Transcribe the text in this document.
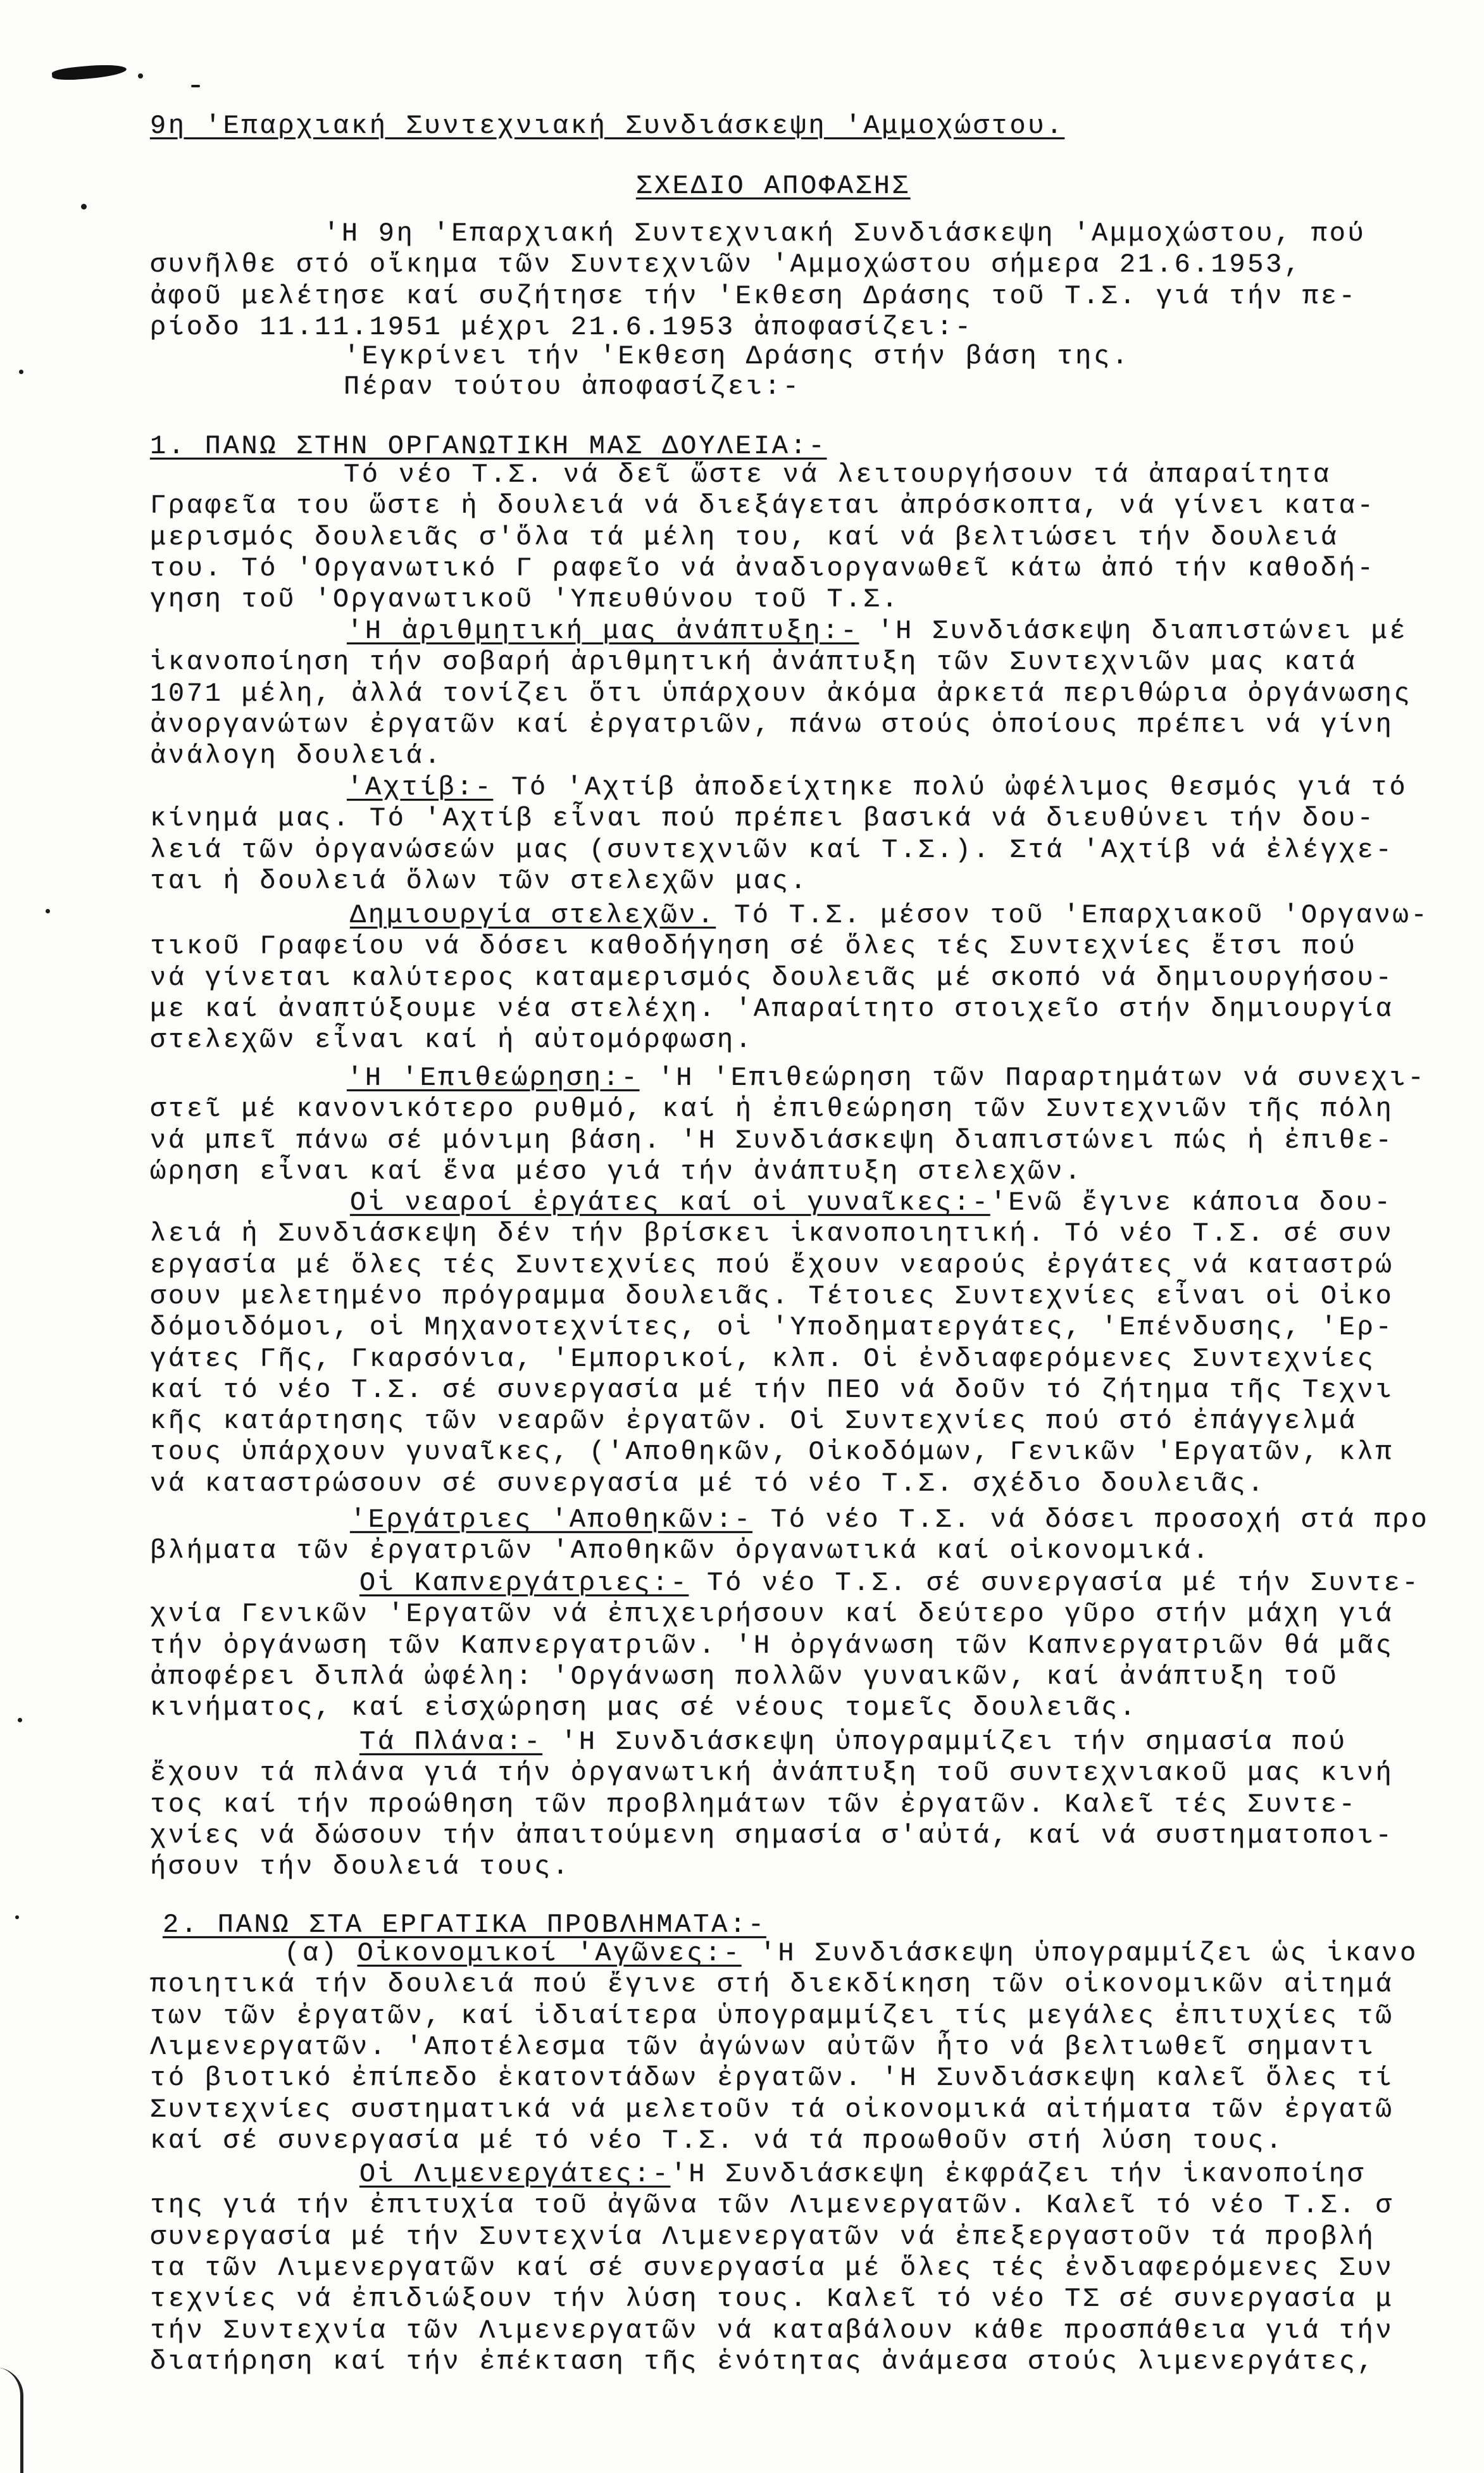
9η 'Επαρχιακή Συντεχνιακή Συνδιάσκεψη 'Αμμοχώστου.
ΣΧΕΔΙΟ ΑΠΟΦΑΣΗΣ
'Η 9η 'Επαρχιακή Συντεχνιακή Συνδιάσκεψη 'Αμμοχώστου, πού
συνῆλθε στό οἴκημα τῶν Συντεχνιῶν 'Αμμοχώστου σήμερα 21.6.1953,
ἀφοῦ μελέτησε καί συζήτησε τήν 'Εκθεση Δράσης τοῦ Τ.Σ. γιά τήν πε-
ρίοδο 11.11.1951 μέχρι 21.6.1953 ἀποφασίζει:-
'Εγκρίνει τήν 'Εκθεση Δράσης στήν βάση της.
Πέραν τούτου ἀποφασίζει:-
1. ΠΑΝΩ ΣΤΗΝ ΟΡΓΑΝΩΤΙΚΗ ΜΑΣ ΔΟΥΛΕΙΑ:-
Τό νέο Τ.Σ. νά δεῖ ὥστε νά λειτουργήσουν τά ἀπαραίτητα
Γραφεῖα του ὥστε ἡ δουλειά νά διεξάγεται ἀπρόσκοπτα, νά γίνει κατα-
μερισμός δουλειᾶς σ'ὅλα τά μέλη του, καί νά βελτιώσει τήν δουλειά
του. Τό 'Οργανωτικό Γ ραφεῖο νά ἀναδιοργανωθεῖ κάτω ἀπό τήν καθοδή-
γηση τοῦ 'Οργανωτικοῦ 'Υπευθύνου τοῦ Τ.Σ.
'Η ἀριθμητική μας ἀνάπτυξη:- 'Η Συνδιάσκεψη διαπιστώνει μέ
ἱκανοποίηση τήν σοβαρή ἀριθμητική ἀνάπτυξη τῶν Συντεχνιῶν μας κατά
1071 μέλη, ἀλλά τονίζει ὅτι ὑπάρχουν ἀκόμα ἀρκετά περιθώρια ὀργάνωσης
ἀνοργανώτων ἐργατῶν καί ἐργατριῶν, πάνω στούς ὁποίους πρέπει νά γίνη
ἀνάλογη δουλειά.
'Αχτίβ:- Τό 'Αχτίβ ἀποδείχτηκε πολύ ὠφέλιμος θεσμός γιά τό
κίνημά μας. Τό 'Αχτίβ εἶναι πού πρέπει βασικά νά διευθύνει τήν δου-
λειά τῶν ὀργανώσεών μας (συντεχνιῶν καί Τ.Σ.). Στά 'Αχτίβ νά ἐλέγχε-
ται ἡ δουλειά ὅλων τῶν στελεχῶν μας.
Δημιουργία στελεχῶν. Τό Τ.Σ. μέσον τοῦ 'Επαρχιακοῦ 'Οργανω-
τικοῦ Γραφείου νά δόσει καθοδήγηση σέ ὅλες τές Συντεχνίες ἔτσι πού
νά γίνεται καλύτερος καταμερισμός δουλειᾶς μέ σκοπό νά δημιουργήσου-
με καί ἀναπτύξουμε νέα στελέχη. 'Απαραίτητο στοιχεῖο στήν δημιουργία
στελεχῶν εἶναι καί ἡ αὐτομόρφωση.
'Η 'Επιθεώρηση:- 'Η 'Επιθεώρηση τῶν Παραρτημάτων νά συνεχι-
στεῖ μέ κανονικότερο ρυθμό, καί ἡ ἐπιθεώρηση τῶν Συντεχνιῶν τῆς πόλη
νά μπεῖ πάνω σέ μόνιμη βάση. 'Η Συνδιάσκεψη διαπιστώνει πώς ἡ ἐπιθε-
ώρηση εἶναι καί ἕνα μέσο γιά τήν ἀνάπτυξη στελεχῶν.
Οἱ νεαροί ἐργάτες καί οἱ γυναῖκες:-'Ενῶ ἔγινε κάποια δου-
λειά ἡ Συνδιάσκεψη δέν τήν βρίσκει ἱκανοποιητική. Τό νέο Τ.Σ. σέ συν
εργασία μέ ὅλες τές Συντεχνίες πού ἔχουν νεαρούς ἐργάτες νά καταστρώ
σουν μελετημένο πρόγραμμα δουλειᾶς. Τέτοιες Συντεχνίες εἶναι οἱ Οἰκο
δόμοιδόμοι, οἱ Μηχανοτεχνίτες, οἱ 'Υποδηματεργάτες, 'Επένδυσης, 'Ερ-
γάτες Γῆς, Γκαρσόνια, 'Εμπορικοί, κλπ. Οἱ ἐνδιαφερόμενες Συντεχνίες
καί τό νέο Τ.Σ. σέ συνεργασία μέ τήν ΠΕΟ νά δοῦν τό ζήτημα τῆς Τεχνι
κῆς κατάρτησης τῶν νεαρῶν ἐργατῶν. Οἱ Συντεχνίες πού στό ἐπάγγελμά
τους ὑπάρχουν γυναῖκες, ('Αποθηκῶν, Οἰκοδόμων, Γενικῶν 'Εργατῶν, κλπ
νά καταστρώσουν σέ συνεργασία μέ τό νέο Τ.Σ. σχέδιο δουλειᾶς.
'Εργάτριες 'Αποθηκῶν:- Τό νέο Τ.Σ. νά δόσει προσοχή στά προ
βλήματα τῶν ἐργατριῶν 'Αποθηκῶν ὀργανωτικά καί οἰκονομικά.
Οἱ Καπνεργάτριες:- Τό νέο Τ.Σ. σέ συνεργασία μέ τήν Συντε-
χνία Γενικῶν 'Εργατῶν νά ἐπιχειρήσουν καί δεύτερο γῦρο στήν μάχη γιά
τήν ὀργάνωση τῶν Καπνεργατριῶν. 'Η ὀργάνωση τῶν Καπνεργατριῶν θά μᾶς
ἀποφέρει διπλά ὠφέλη: 'Οργάνωση πολλῶν γυναικῶν, καί ἀνάπτυξη τοῦ
κινήματος, καί εἰσχώρηση μας σέ νέους τομεῖς δουλειᾶς.
Τά Πλάνα:- 'Η Συνδιάσκεψη ὑπογραμμίζει τήν σημασία πού
ἔχουν τά πλάνα γιά τήν ὀργανωτική ἀνάπτυξη τοῦ συντεχνιακοῦ μας κινή
τος καί τήν προώθηση τῶν προβλημάτων τῶν ἐργατῶν. Καλεῖ τές Συντε-
χνίες νά δώσουν τήν ἀπαιτούμενη σημασία σ'αὐτά, καί νά συστηματοποι-
ήσουν τήν δουλειά τους.
2. ΠΑΝΩ ΣΤΑ ΕΡΓΑΤΙΚΑ ΠΡΟΒΛΗΜΑΤΑ:-
(α) Οἰκονομικοί 'Αγῶνες:- 'Η Συνδιάσκεψη ὑπογραμμίζει ὡς ἱκανο
ποιητικά τήν δουλειά πού ἔγινε στή διεκδίκηση τῶν οἰκονομικῶν αἰτημά
των τῶν ἐργατῶν, καί ἰδιαίτερα ὑπογραμμίζει τίς μεγάλες ἐπιτυχίες τῶ
Λιμενεργατῶν. 'Αποτέλεσμα τῶν ἀγώνων αὐτῶν ἦτο νά βελτιωθεῖ σημαντι
τό βιοτικό ἐπίπεδο ἑκατοντάδων ἐργατῶν. 'Η Συνδιάσκεψη καλεῖ ὅλες τί
Συντεχνίες συστηματικά νά μελετοῦν τά οἰκονομικά αἰτήματα τῶν ἐργατῶ
καί σέ συνεργασία μέ τό νέο Τ.Σ. νά τά προωθοῦν στή λύση τους.
Οἱ Λιμενεργάτες:-'Η Συνδιάσκεψη ἐκφράζει τήν ἱκανοποίησ
της γιά τήν ἐπιτυχία τοῦ ἀγῶνα τῶν Λιμενεργατῶν. Καλεῖ τό νέο Τ.Σ. σ
συνεργασία μέ τήν Συντεχνία Λιμενεργατῶν νά ἐπεξεργαστοῦν τά προβλή
τα τῶν Λιμενεργατῶν καί σέ συνεργασία μέ ὅλες τές ἐνδιαφερόμενες Συν
τεχνίες νά ἐπιδιώξουν τήν λύση τους. Καλεῖ τό νέο ΤΣ σέ συνεργασία μ
τήν Συντεχνία τῶν Λιμενεργατῶν νά καταβάλουν κάθε προσπάθεια γιά τήν
διατήρηση καί τήν ἐπέκταση τῆς ἑνότητας ἀνάμεσα στούς λιμενεργάτες,
